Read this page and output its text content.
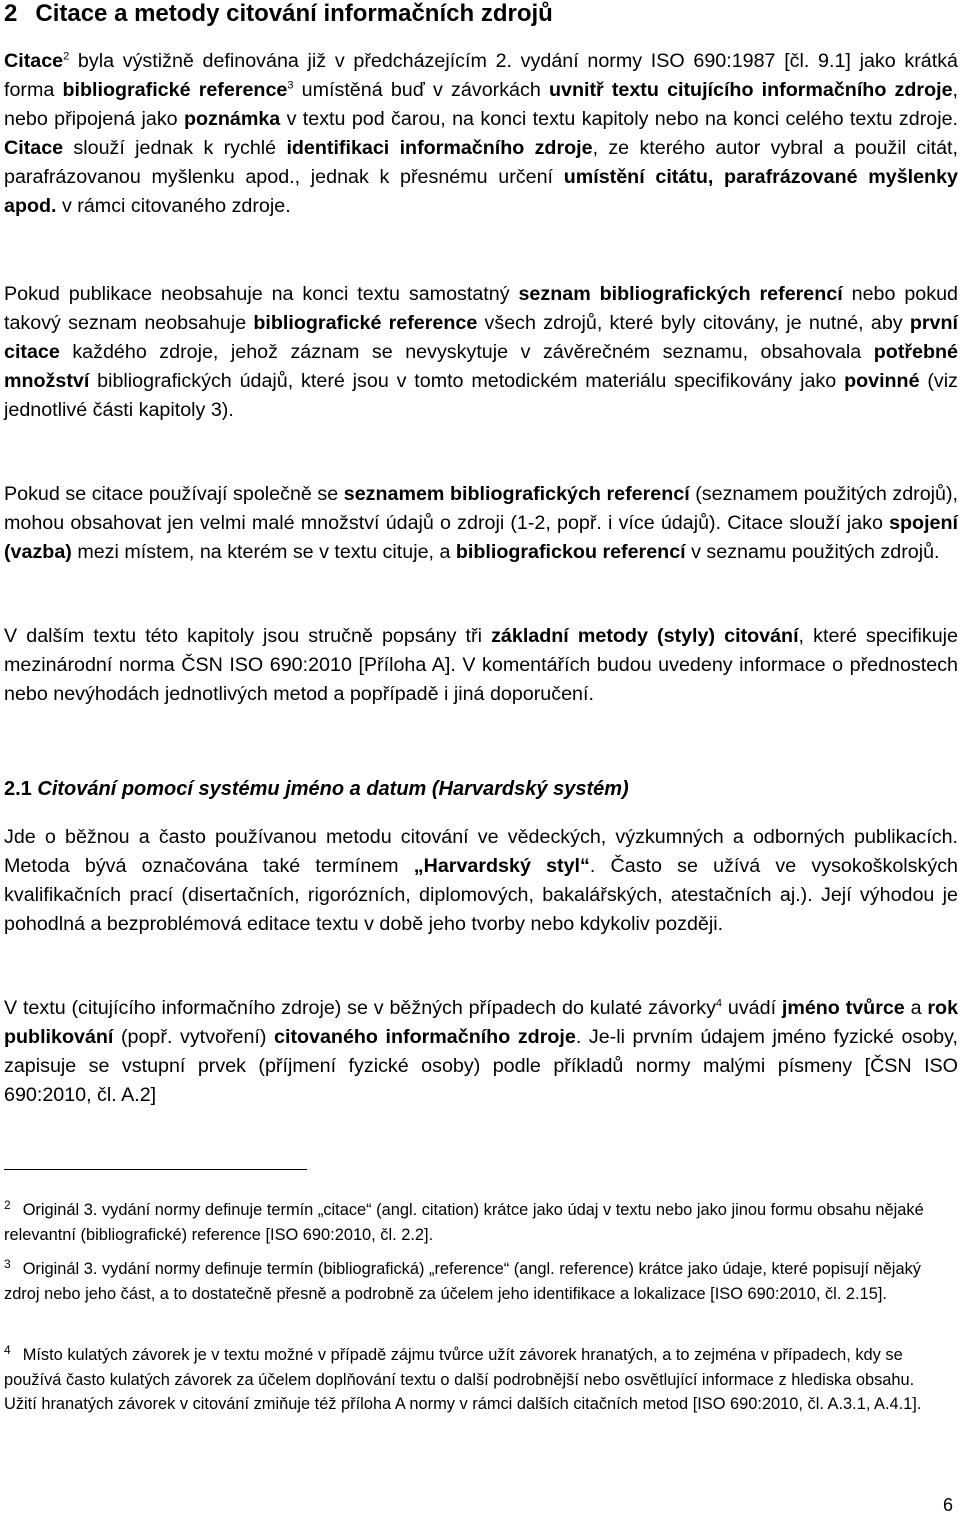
2 Citace a metody citování informačních zdrojů

Citace$^2$ byla výstižně definována již v předcházejícím 2. vydání normy ISO 690:1987 [čl. 9.1] jako krátká forma bibliografické reference$^3$ umístěná buď v závorkách uvnitř textu citujícího informačního zdroje, nebo připojená jako poznámka v textu pod čarou, na konci textu kapitoly nebo na konci celého textu zdroje. Citace slouží jednak k rychlé identifikaci informačního zdroje, ze kterého autor vybral a použil citát, parafrázovanou myšlenku apod., jednak k přesnému určení umístění citátu, parafrázované myšlenky apod. v rámci citovaného zdroje.

Pokud publikace neobsahuje na konci textu samostatný seznam bibliografických referencí nebo pokud takový seznam neobsahuje bibliografické reference všech zdrojů, které byly citovány, je nutné, aby první citace každého zdroje, jehož záznam se nevyskytuje v závěrečném seznamu, obsahovala potřebné množství bibliografických údajů, které jsou v tomto metodickém materiálu specifikovány jako povinné (viz jednotlivé části kapitoly 3).

Pokud se citace používají společně se seznamem bibliografických referencí (seznamem použitých zdrojů), mohou obsahovat jen velmi malé množství údajů o zdroji (1-2, popř. i více údajů). Citace slouží jako spojení (vazba) mezi místem, na kterém se v textu cituje, a bibliografickou referencí v seznamu použitých zdrojů.

V dalším textu této kapitoly jsou stručně popsány tři základní metody (styly) citování, které specifikuje mezinárodní norma ČSN ISO 690:2010 [Příloha A]. V komentářích budou uvedeny informace o přednostech nebo nevýhodách jednotlivých metod a popřípadě i jiná doporučení.

2.1 Citování pomocí systému jméno a datum (Harvardský systém)

Jde o běžnou a často používanou metodu citování ve vědeckých, výzkumných a odborných publikacích. Metoda bývá označována také termínem „Harvardský styl“. Často se užívá ve vysokoškolských kvalifikačních prací (disertačních, rigorózních, diplomových, bakalářských, atestačních aj.). Její výhodou je pohodlná a bezproblémová editace textu v době jeho tvorby nebo kdykoliv později.

V textu (citujícího informačního zdroje) se v běžných případech do kulaté závorky$^4$ uvádí jméno tvůrce a rok publikování (popř. vytvoření) citovaného informačního zdroje. Je-li prvním údajem jméno fyzické osoby, zapisuje se vstupní prvek (příjmení fyzické osoby) podle příkladů normy malými písmeny [ČSN ISO 690:2010, čl. A.2]

$^2$ Originál 3. vydání normy definuje termín „citace“ (angl. citation) krátce jako údaj v textu nebo jako jinou formu obsahu nějaké relevantní (bibliografické) reference [ISO 690:2010, čl. 2.2].

$^3$ Originál 3. vydání normy definuje termín (bibliografická) „reference“ (angl. reference) krátce jako údaje, které popisují nějaký zdroj nebo jeho část, a to dostatečně přesně a podrobně za účelem jeho identifikace a lokalizace [ISO 690:2010, čl. 2.15].

$^4$ Místo kulatých závorek je v textu možné v případě zájmu tvůrce užít závorek hranatých, a to zejména v případech, kdy se používá často kulatých závorek za účelem doplňování textu o další podrobnější nebo osvětlující informace z hlediska obsahu. Užití hranatých závorek v citování zmiňuje též příloha A normy v rámci dalších citačních metod [ISO 690:2010, čl. A.3.1, A.4.1].

6
